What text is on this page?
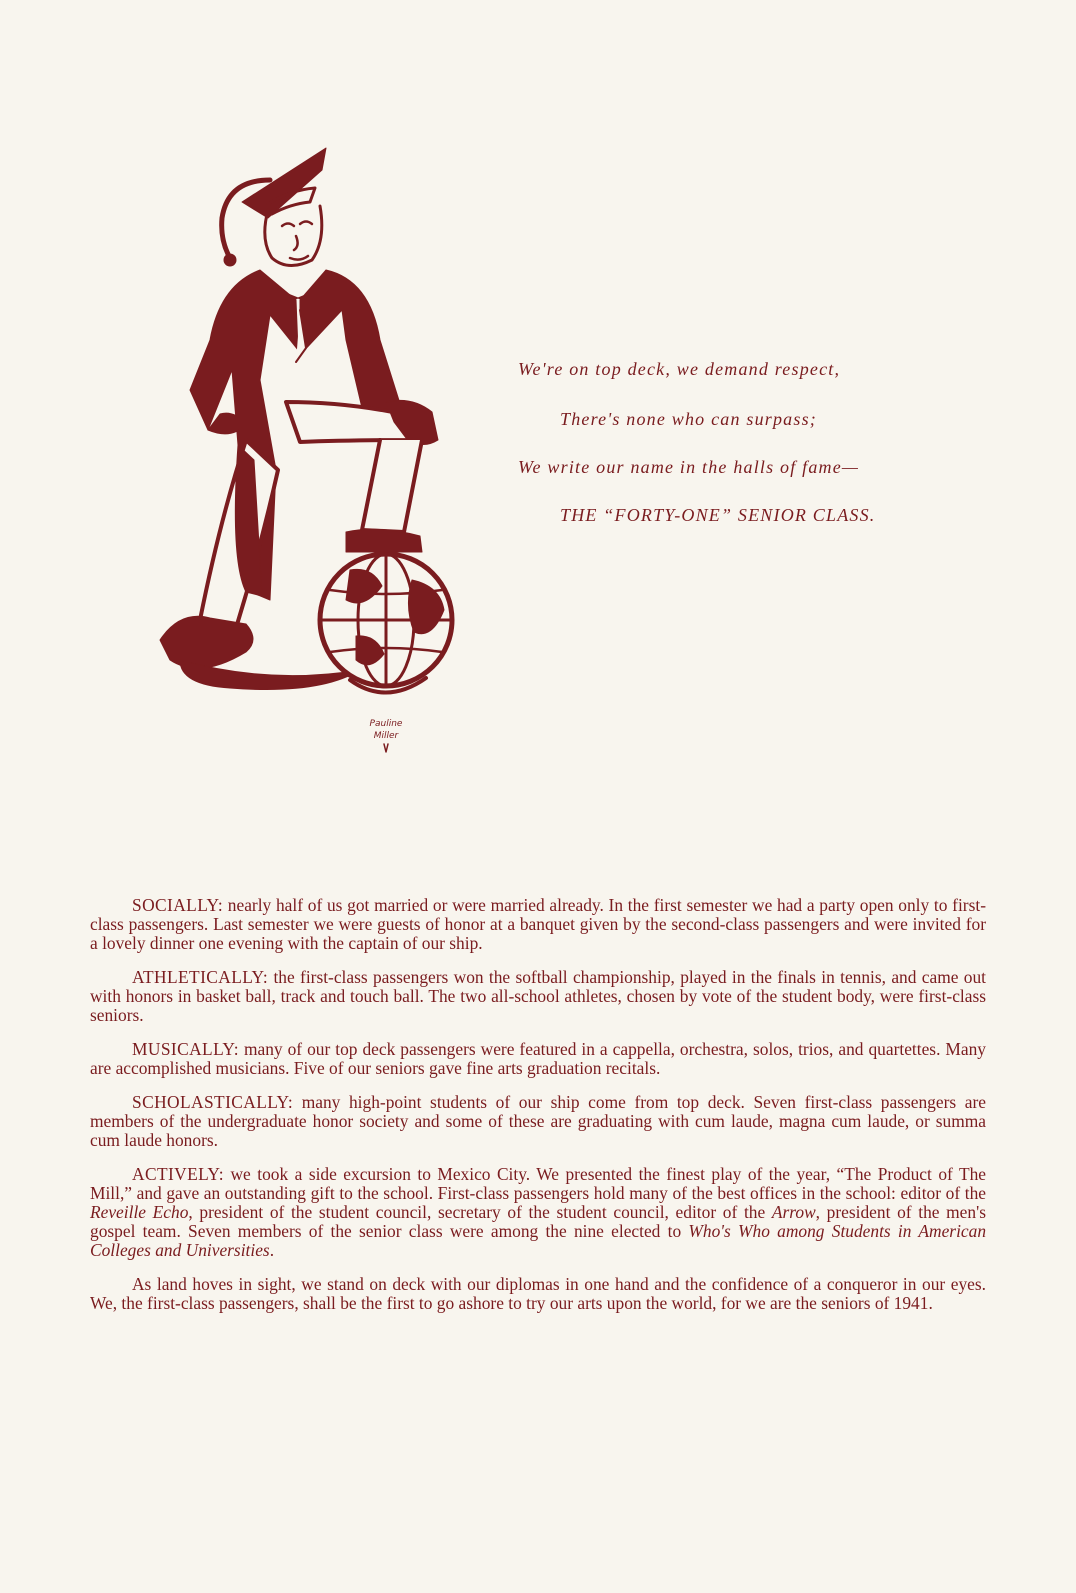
Pauline
Miller
We're on top deck, we demand respect,
There's none who can surpass;
We write our name in the halls of fame—
THE “FORTY-ONE” SENIOR CLASS.

SOCIALLY: nearly half of us got married or were married already. In the first semester we had a party open only to first-class passengers. Last semester we were guests of honor at a banquet given by the second-class passengers and were invited for a lovely dinner one evening with the captain of our ship.

ATHLETICALLY: the first-class passengers won the softball championship, played in the finals in tennis, and came out with honors in basket ball, track and touch ball. The two all-school athletes, chosen by vote of the student body, were first-class seniors.

MUSICALLY: many of our top deck passengers were featured in a cappella, orchestra, solos, trios, and quartettes. Many are accomplished musicians. Five of our seniors gave fine arts graduation recitals.

SCHOLASTICALLY: many high-point students of our ship come from top deck. Seven first-class passengers are members of the undergraduate honor society and some of these are graduating with cum laude, magna cum laude, or summa cum laude honors.

ACTIVELY: we took a side excursion to Mexico City. We presented the finest play of the year, “The Product of The Mill,” and gave an outstanding gift to the school. First-class passengers hold many of the best offices in the school: editor of the Reveille Echo, president of the student council, secretary of the student council, editor of the Arrow, president of the men's gospel team. Seven members of the senior class were among the nine elected to Who's Who among Students in American Colleges and Universities.

As land hoves in sight, we stand on deck with our diplomas in one hand and the confidence of a conqueror in our eyes. We, the first-class passengers, shall be the first to go ashore to try our arts upon the world, for we are the seniors of 1941.
